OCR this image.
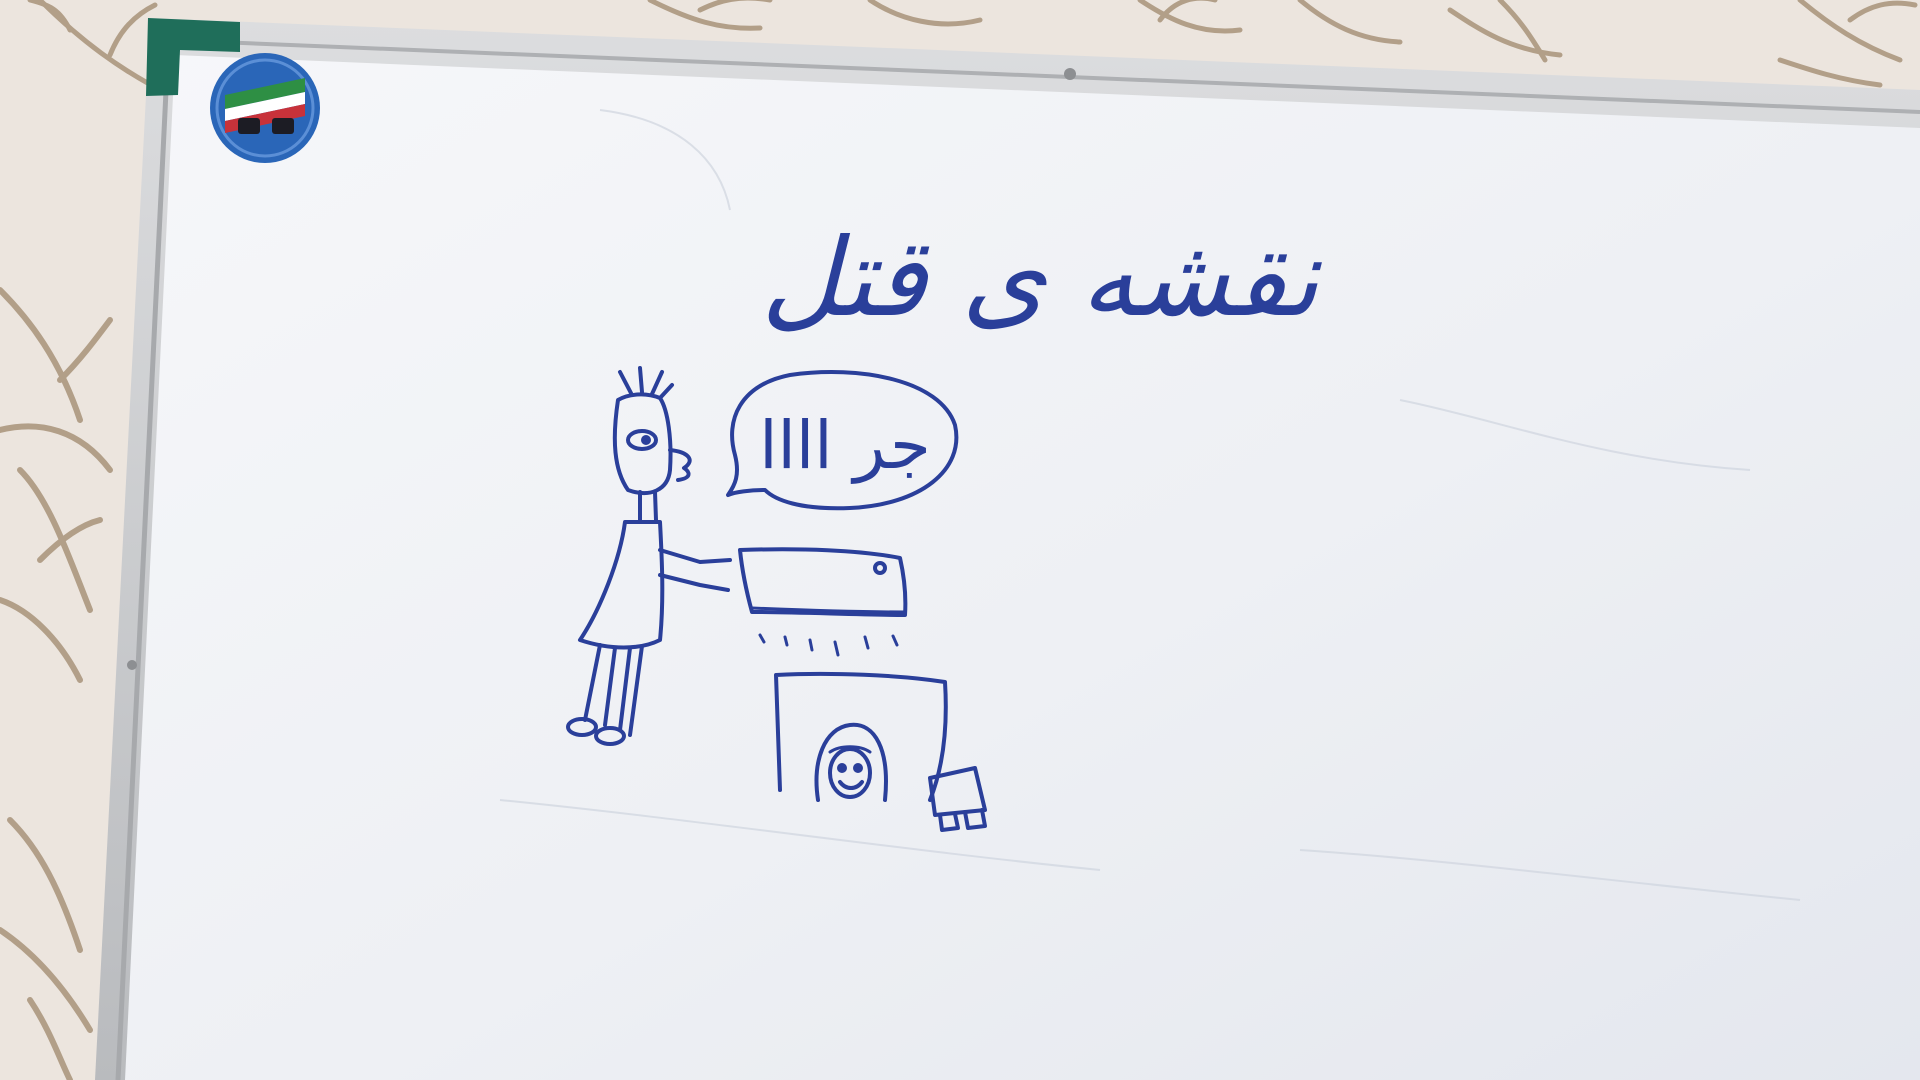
نقشه ی قتل
جر اااا
